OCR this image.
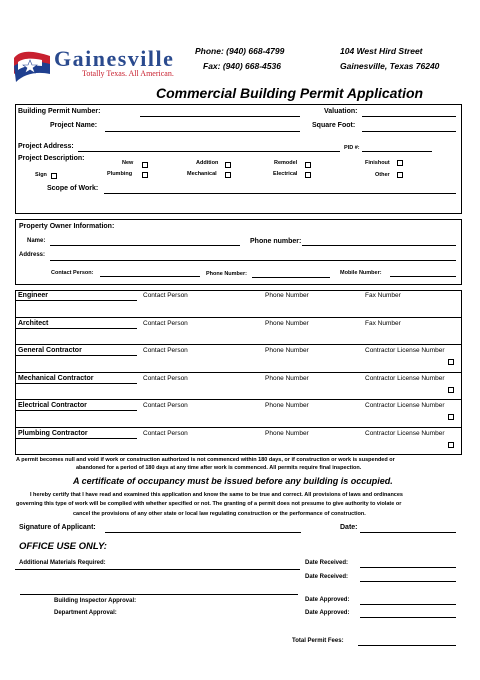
Gainesville
Totally Texas. All American.
Phone: (940) 668-4799
Fax: (940) 668-4536
104 West Hird Street
Gainesville, Texas 76240
Commercial Building Permit Application
Building Permit Number:	Valuation:
Project Name:	Square Foot:
Project Address:	PID #:
Project Description:
New	Addition	Remodel	Finishout
Sign	Plumbing	Mechanical	Electrical	Other
Scope of Work:
Property Owner Information:
Name:	Phone number:
Address:
Contact Person:	Phone Number:	Mobile Number:
Engineer	Contact Person	Phone Number	Fax Number
Architect	Contact Person	Phone Number	Fax Number
General Contractor	Contact Person	Phone Number	Contractor License Number
Mechanical Contractor	Contact Person	Phone Number	Contractor License Number
Electrical Contractor	Contact Person	Phone Number	Contractor License Number
Plumbing Contractor	Contact Person	Phone Number	Contractor License Number
A permit becomes null and void if work or construction authorized is not commenced within 180 days, or if construction or work is suspended or
abandoned for a period of 180 days at any time after work is commenced. All permits require final inspection.
A certificate of occupancy must be issued before any building is occupied.
I hereby certify that I have read and examined this application and know the same to be true and correct. All provisions of laws and ordinances
governing this type of work will be complied with whether specified or not. The granting of a permit does not presume to give authority to violate or
cancel the provisions of any other state or local law regulating construction or the performance of construction.
Signature of Applicant:	Date:
OFFICE USE ONLY:
Additional Materials Required:	Date Received:
Date Received:
Building Inspector Approval:	Date Approved:
Department Approval:	Date Approved:
Total Permit Fees:
